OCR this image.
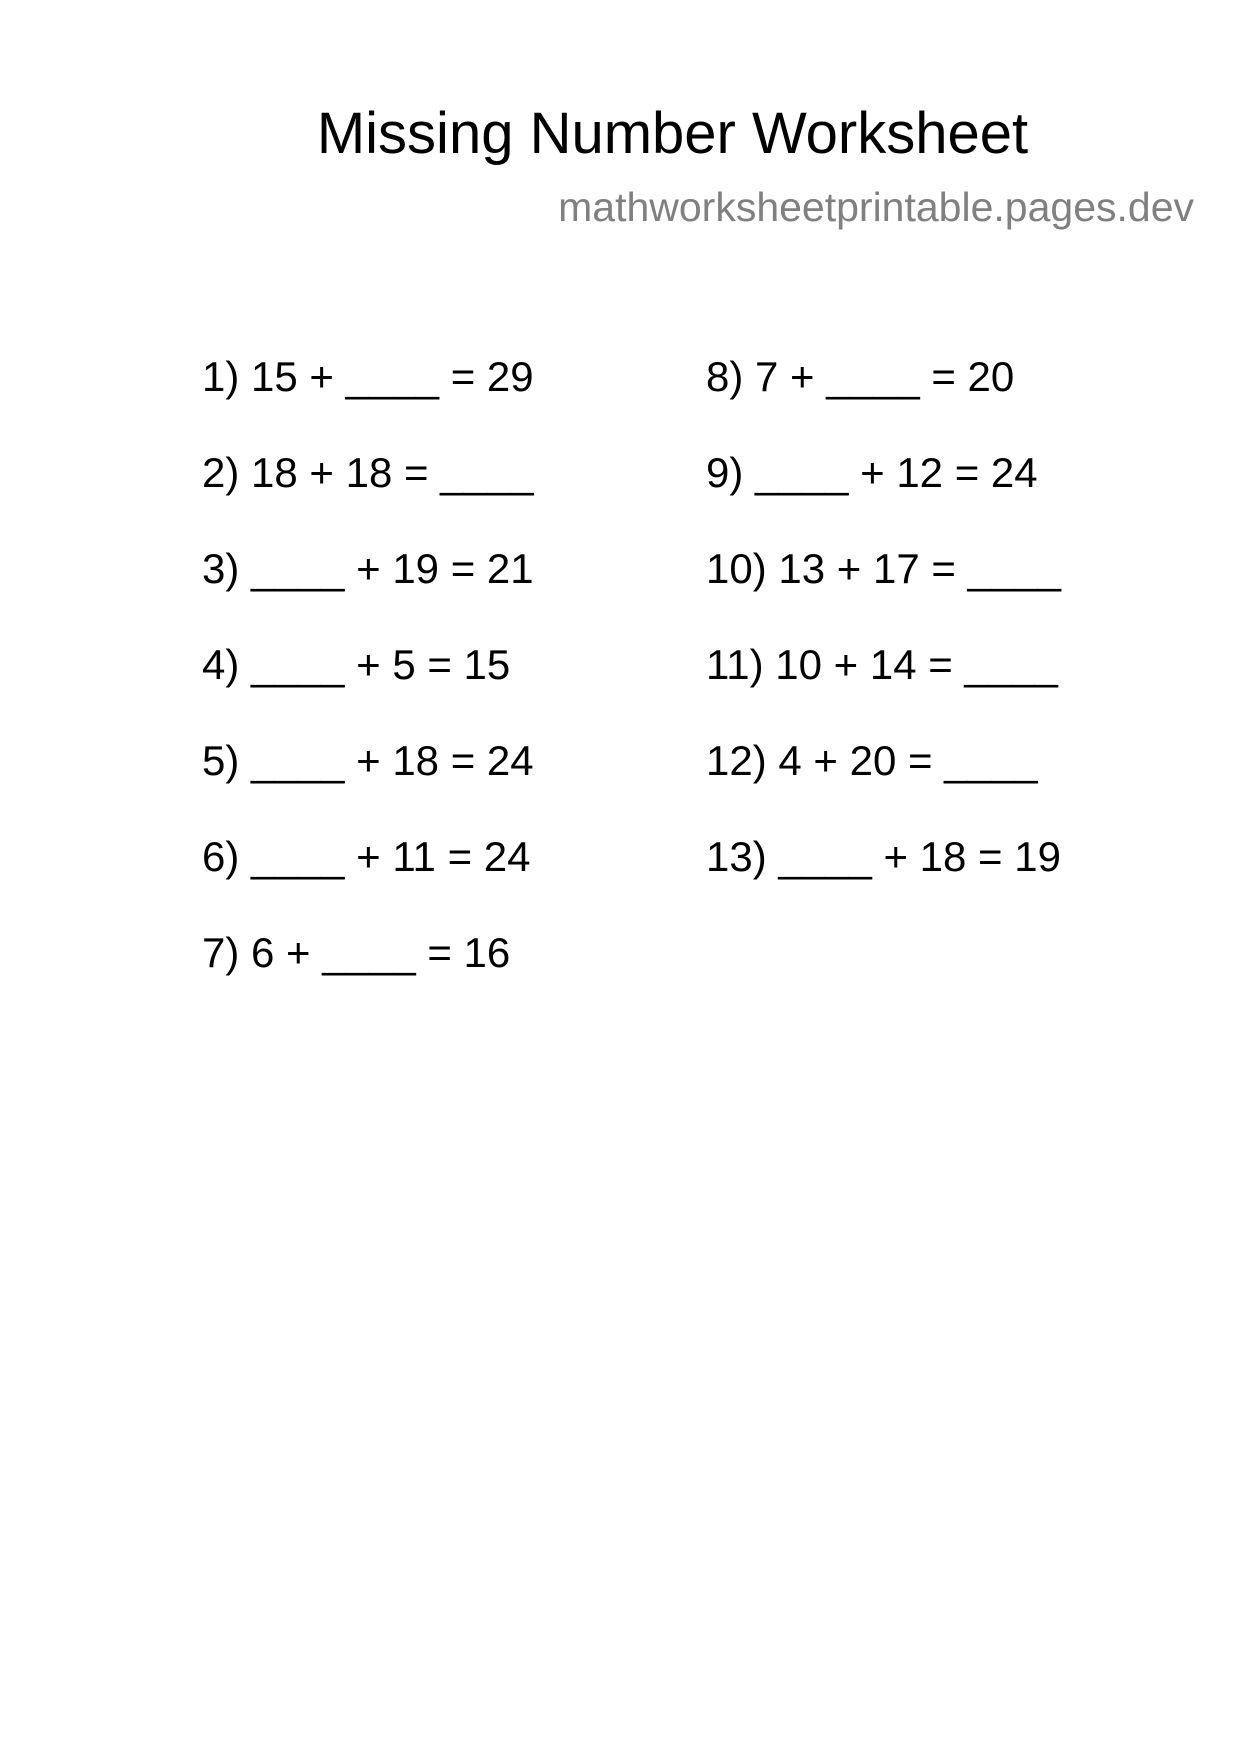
Missing Number Worksheet
mathworksheetprintable.pages.dev
1) 15 + ____ = 29
2) 18 + 18 = ____
3) ____ + 19 = 21
4) ____ + 5 = 15
5) ____ + 18 = 24
6) ____ + 11 = 24
7) 6 + ____ = 16
8) 7 + ____ = 20
9) ____ + 12 = 24
10) 13 + 17 = ____
11) 10 + 14 = ____
12) 4 + 20 = ____
13) ____ + 18 = 19
